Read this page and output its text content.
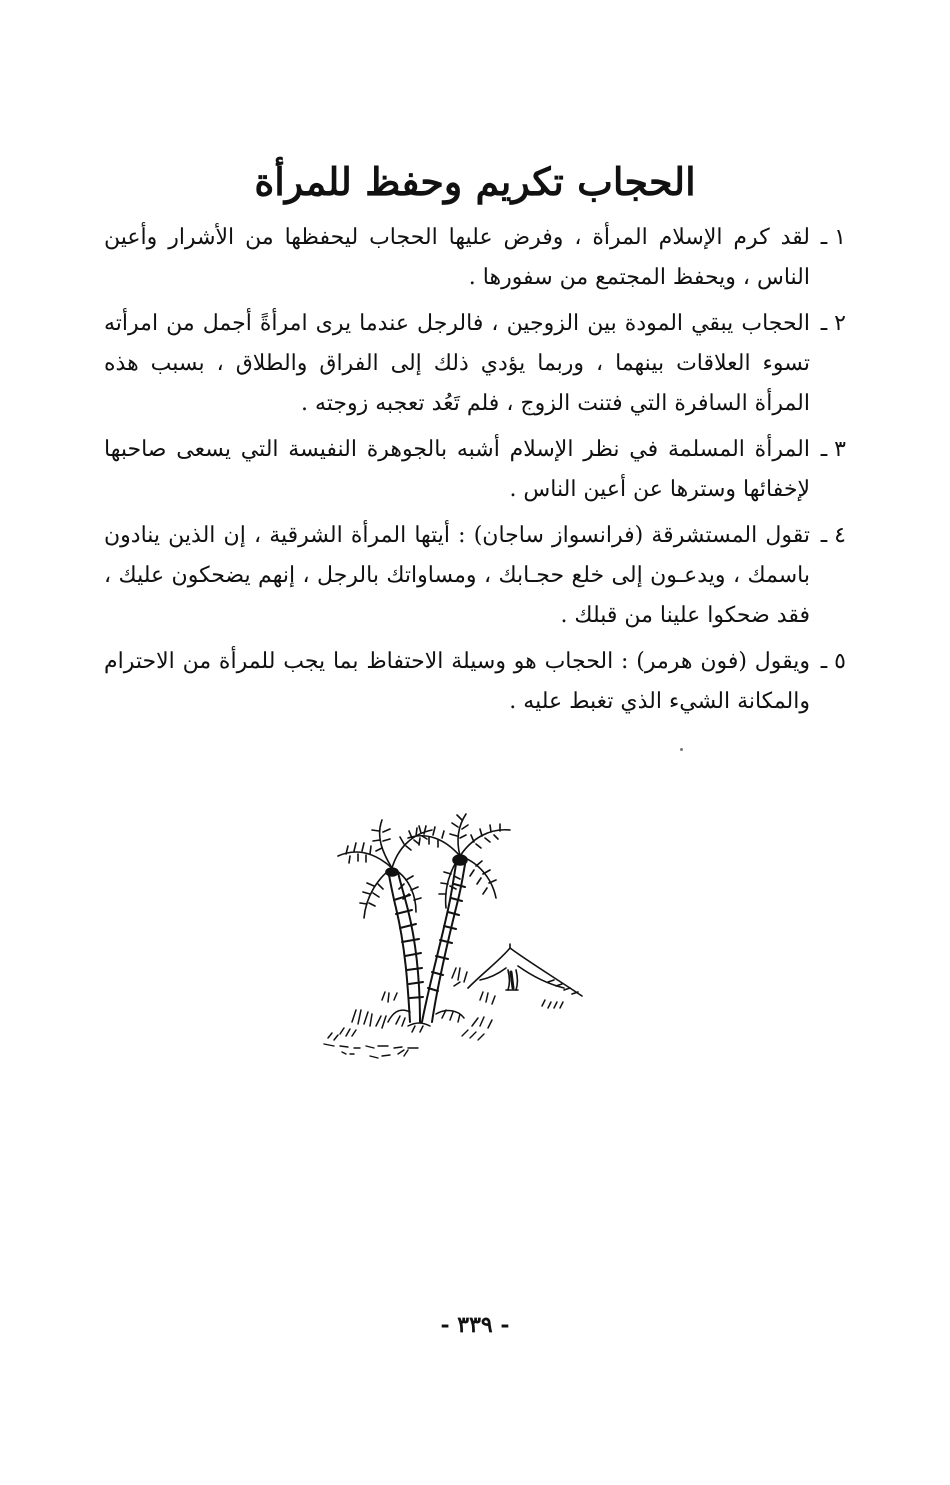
الحجاب تكريم وحفظ للمرأة
١ ـ
لقد كرم الإسلام المرأة ، وفرض عليها الحجاب ليحفظها من الأشرار وأعين الناس ، ويحفظ المجتمع من سفورها .
٢ ـ
الحجاب يبقي المودة بين الزوجين ، فالرجل عندما يرى امرأةً أجمل من امرأته تسوء العلاقات بينهما ، وربما يؤدي ذلك إلى الفراق والطلاق ، بسبب هذه المرأة السافرة التي فتنت الزوج ، فلم تَعُد تعجبه زوجته .
٣ ـ
المرأة المسلمة في نظر الإسلام أشبه بالجوهرة النفيسة التي يسعى صاحبها لإخفائها وسترها عن أعين الناس .
٤ ـ
تقول المستشرقة (فرانسواز ساجان) : أيتها المرأة الشرقية ، إن الذين ينادون باسمك ، ويدعـون إلى خلع حجـابك ، ومساواتك بالرجل ، إنهم يضحكون عليك ، فقد ضحكوا علينا من قبلك .
٥ ـ
ويقول (فون هرمر) : الحجاب هو وسيلة الاحتفاظ بما يجب للمرأة من الاحترام والمكانة الشيء الذي تغبط عليه .
- ٣٣٩ -
